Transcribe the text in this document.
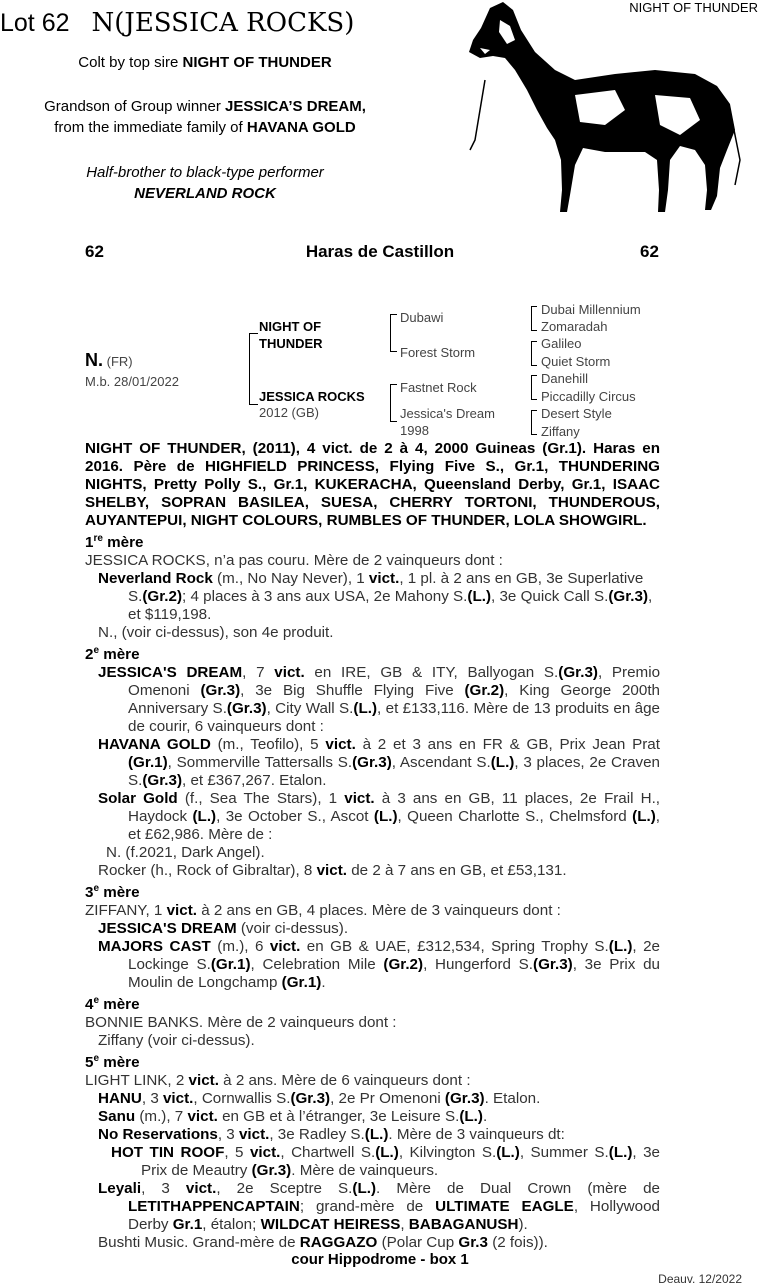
Lot 62 N(JESSICA ROCKS)
Colt by top sire NIGHT OF THUNDER
Grandson of Group winner JESSICA’S DREAM,
from the immediate family of HAVANA GOLD
Half-brother to black-type performer
NEVERLAND ROCK
NIGHT OF THUNDER
62	Haras de Castillon	62
N. (FR)
M.b. 28/01/2022
NIGHT OF THUNDER
JESSICA ROCKS
2012 (GB)
Dubawi
Forest Storm
Fastnet Rock
Jessica's Dream
1998
Dubai Millennium
Zomaradah
Galileo
Quiet Storm
Danehill
Piccadilly Circus
Desert Style
Ziffany
NIGHT OF THUNDER, (2011), 4 vict. de 2 à 4, 2000 Guineas (Gr.1). Haras en 2016. Père de HIGHFIELD PRINCESS, Flying Five S., Gr.1, THUNDERING NIGHTS, Pretty Polly S., Gr.1, KUKERACHA, Queensland Derby, Gr.1, ISAAC SHELBY, SOPRAN BASILEA, SUESA, CHERRY TORTONI, THUNDEROUS, AUYANTEPUI, NIGHT COLOURS, RUMBLES OF THUNDER, LOLA SHOWGIRL.
1re mère
JESSICA ROCKS, n’a pas couru. Mère de 2 vainqueurs dont :
Neverland Rock (m., No Nay Never), 1 vict., 1 pl. à 2 ans en GB, 3e Superlative S.(Gr.2); 4 places à 3 ans aux USA, 2e Mahony S.(L.), 3e Quick Call S.(Gr.3), et $119,198.
N., (voir ci-dessus), son 4e produit.
2e mère
JESSICA'S DREAM, 7 vict. en IRE, GB & ITY, Ballyogan S.(Gr.3), Premio Omenoni (Gr.3), 3e Big Shuffle Flying Five (Gr.2), King George 200th Anniversary S.(Gr.3), City Wall S.(L.), et £133,116. Mère de 13 produits en âge de courir, 6 vainqueurs dont :
HAVANA GOLD (m., Teofilo), 5 vict. à 2 et 3 ans en FR & GB, Prix Jean Prat (Gr.1), Sommerville Tattersalls S.(Gr.3), Ascendant S.(L.), 3 places, 2e Craven S.(Gr.3), et £367,267. Etalon.
Solar Gold (f., Sea The Stars), 1 vict. à 3 ans en GB, 11 places, 2e Frail H., Haydock (L.), 3e October S., Ascot (L.), Queen Charlotte S., Chelmsford (L.), et £62,986. Mère de :
N. (f.2021, Dark Angel).
Rocker (h., Rock of Gibraltar), 8 vict. de 2 à 7 ans en GB, et £53,131.
3e mère
ZIFFANY, 1 vict. à 2 ans en GB, 4 places. Mère de 3 vainqueurs dont :
JESSICA'S DREAM (voir ci-dessus).
MAJORS CAST (m.), 6 vict. en GB & UAE, £312,534, Spring Trophy S.(L.), 2e Lockinge S.(Gr.1), Celebration Mile (Gr.2), Hungerford S.(Gr.3), 3e Prix du Moulin de Longchamp (Gr.1).
4e mère
BONNIE BANKS. Mère de 2 vainqueurs dont :
Ziffany (voir ci-dessus).
5e mère
LIGHT LINK, 2 vict. à 2 ans. Mère de 6 vainqueurs dont :
HANU, 3 vict., Cornwallis S.(Gr.3), 2e Pr Omenoni (Gr.3). Etalon.
Sanu (m.), 7 vict. en GB et à l’étranger, 3e Leisure S.(L.).
No Reservations, 3 vict., 3e Radley S.(L.). Mère de 3 vainqueurs dt:
HOT TIN ROOF, 5 vict., Chartwell S.(L.), Kilvington S.(L.), Summer S.(L.), 3e Prix de Meautry (Gr.3). Mère de vainqueurs.
Leyali, 3 vict., 2e Sceptre S.(L.). Mère de Dual Crown (mère de LETITHAPPENCAPTAIN; grand-mère de ULTIMATE EAGLE, Hollywood Derby Gr.1, étalon; WILDCAT HEIRESS, BABAGANUSH).
Bushti Music. Grand-mère de RAGGAZO (Polar Cup Gr.3 (2 fois)).
cour Hippodrome - box 1
Deauv. 12/2022
